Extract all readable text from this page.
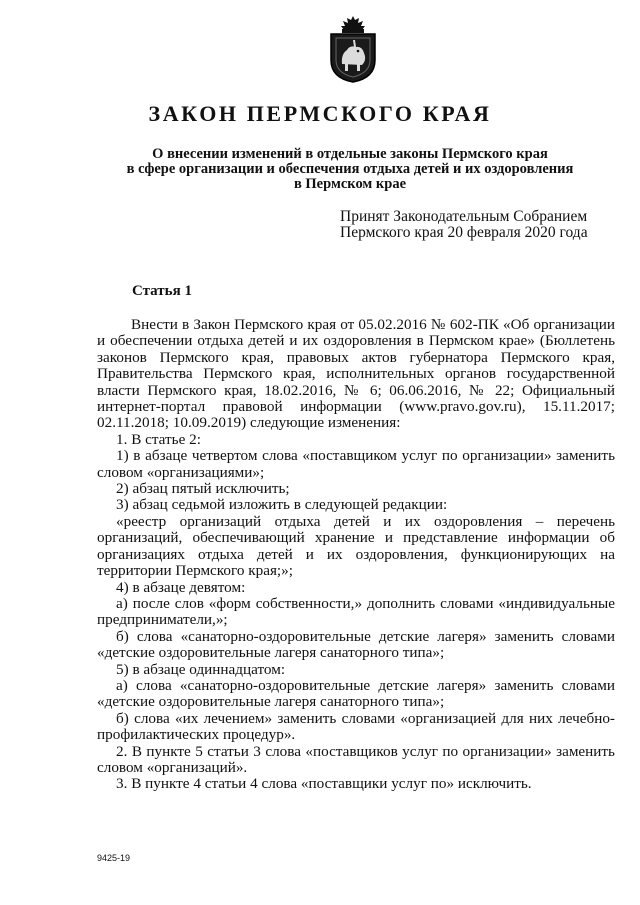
ЗАКОН ПЕРМСКОГО КРАЯ
О внесении изменений в отдельные законы Пермского края
в сфере организации и обеспечения отдыха детей и их оздоровления
в Пермском крае
Принят Законодательным Собранием
Пермского края 20 февраля 2020 года
Статья 1

Внести в Закон Пермского края от 05.02.2016 № 602-ПК «Об организации и обеспечении отдыха детей и их оздоровления в Пермском крае» (Бюллетень законов Пермского края, правовых актов губернатора Пермского края, Правительства Пермского края, исполнительных органов государственной власти Пермского края, 18.02.2016, № 6; 06.06.2016, № 22; Официальный интернет-портал правовой информации (www.pravo.gov.ru), 15.11.2017; 02.11.2018; 10.09.2019) следующие изменения:

1. В статье 2:

1) в абзаце четвертом слова «поставщиком услуг по организации» заменить словом «организациями»;

2) абзац пятый исключить;

3) абзац седьмой изложить в следующей редакции:

«реестр организаций отдыха детей и их оздоровления – перечень организаций, обеспечивающий хранение и представление информации об организациях отдыха детей и их оздоровления, функционирующих на территории Пермского края;»;

4) в абзаце девятом:

а) после слов «форм собственности,» дополнить словами «индивидуальные предприниматели,»;

б) слова «санаторно-оздоровительные детские лагеря» заменить словами «детские оздоровительные лагеря санаторного типа»;

5) в абзаце одиннадцатом:

а) слова «санаторно-оздоровительные детские лагеря» заменить словами «детские оздоровительные лагеря санаторного типа»;

б) слова «их лечением» заменить словами «организацией для них лечебно-профилактических процедур».

2. В пункте 5 статьи 3 слова «поставщиков услуг по организации» заменить словом «организаций».

3. В пункте 4 статьи 4 слова «поставщики услуг по» исключить.

9425-19
